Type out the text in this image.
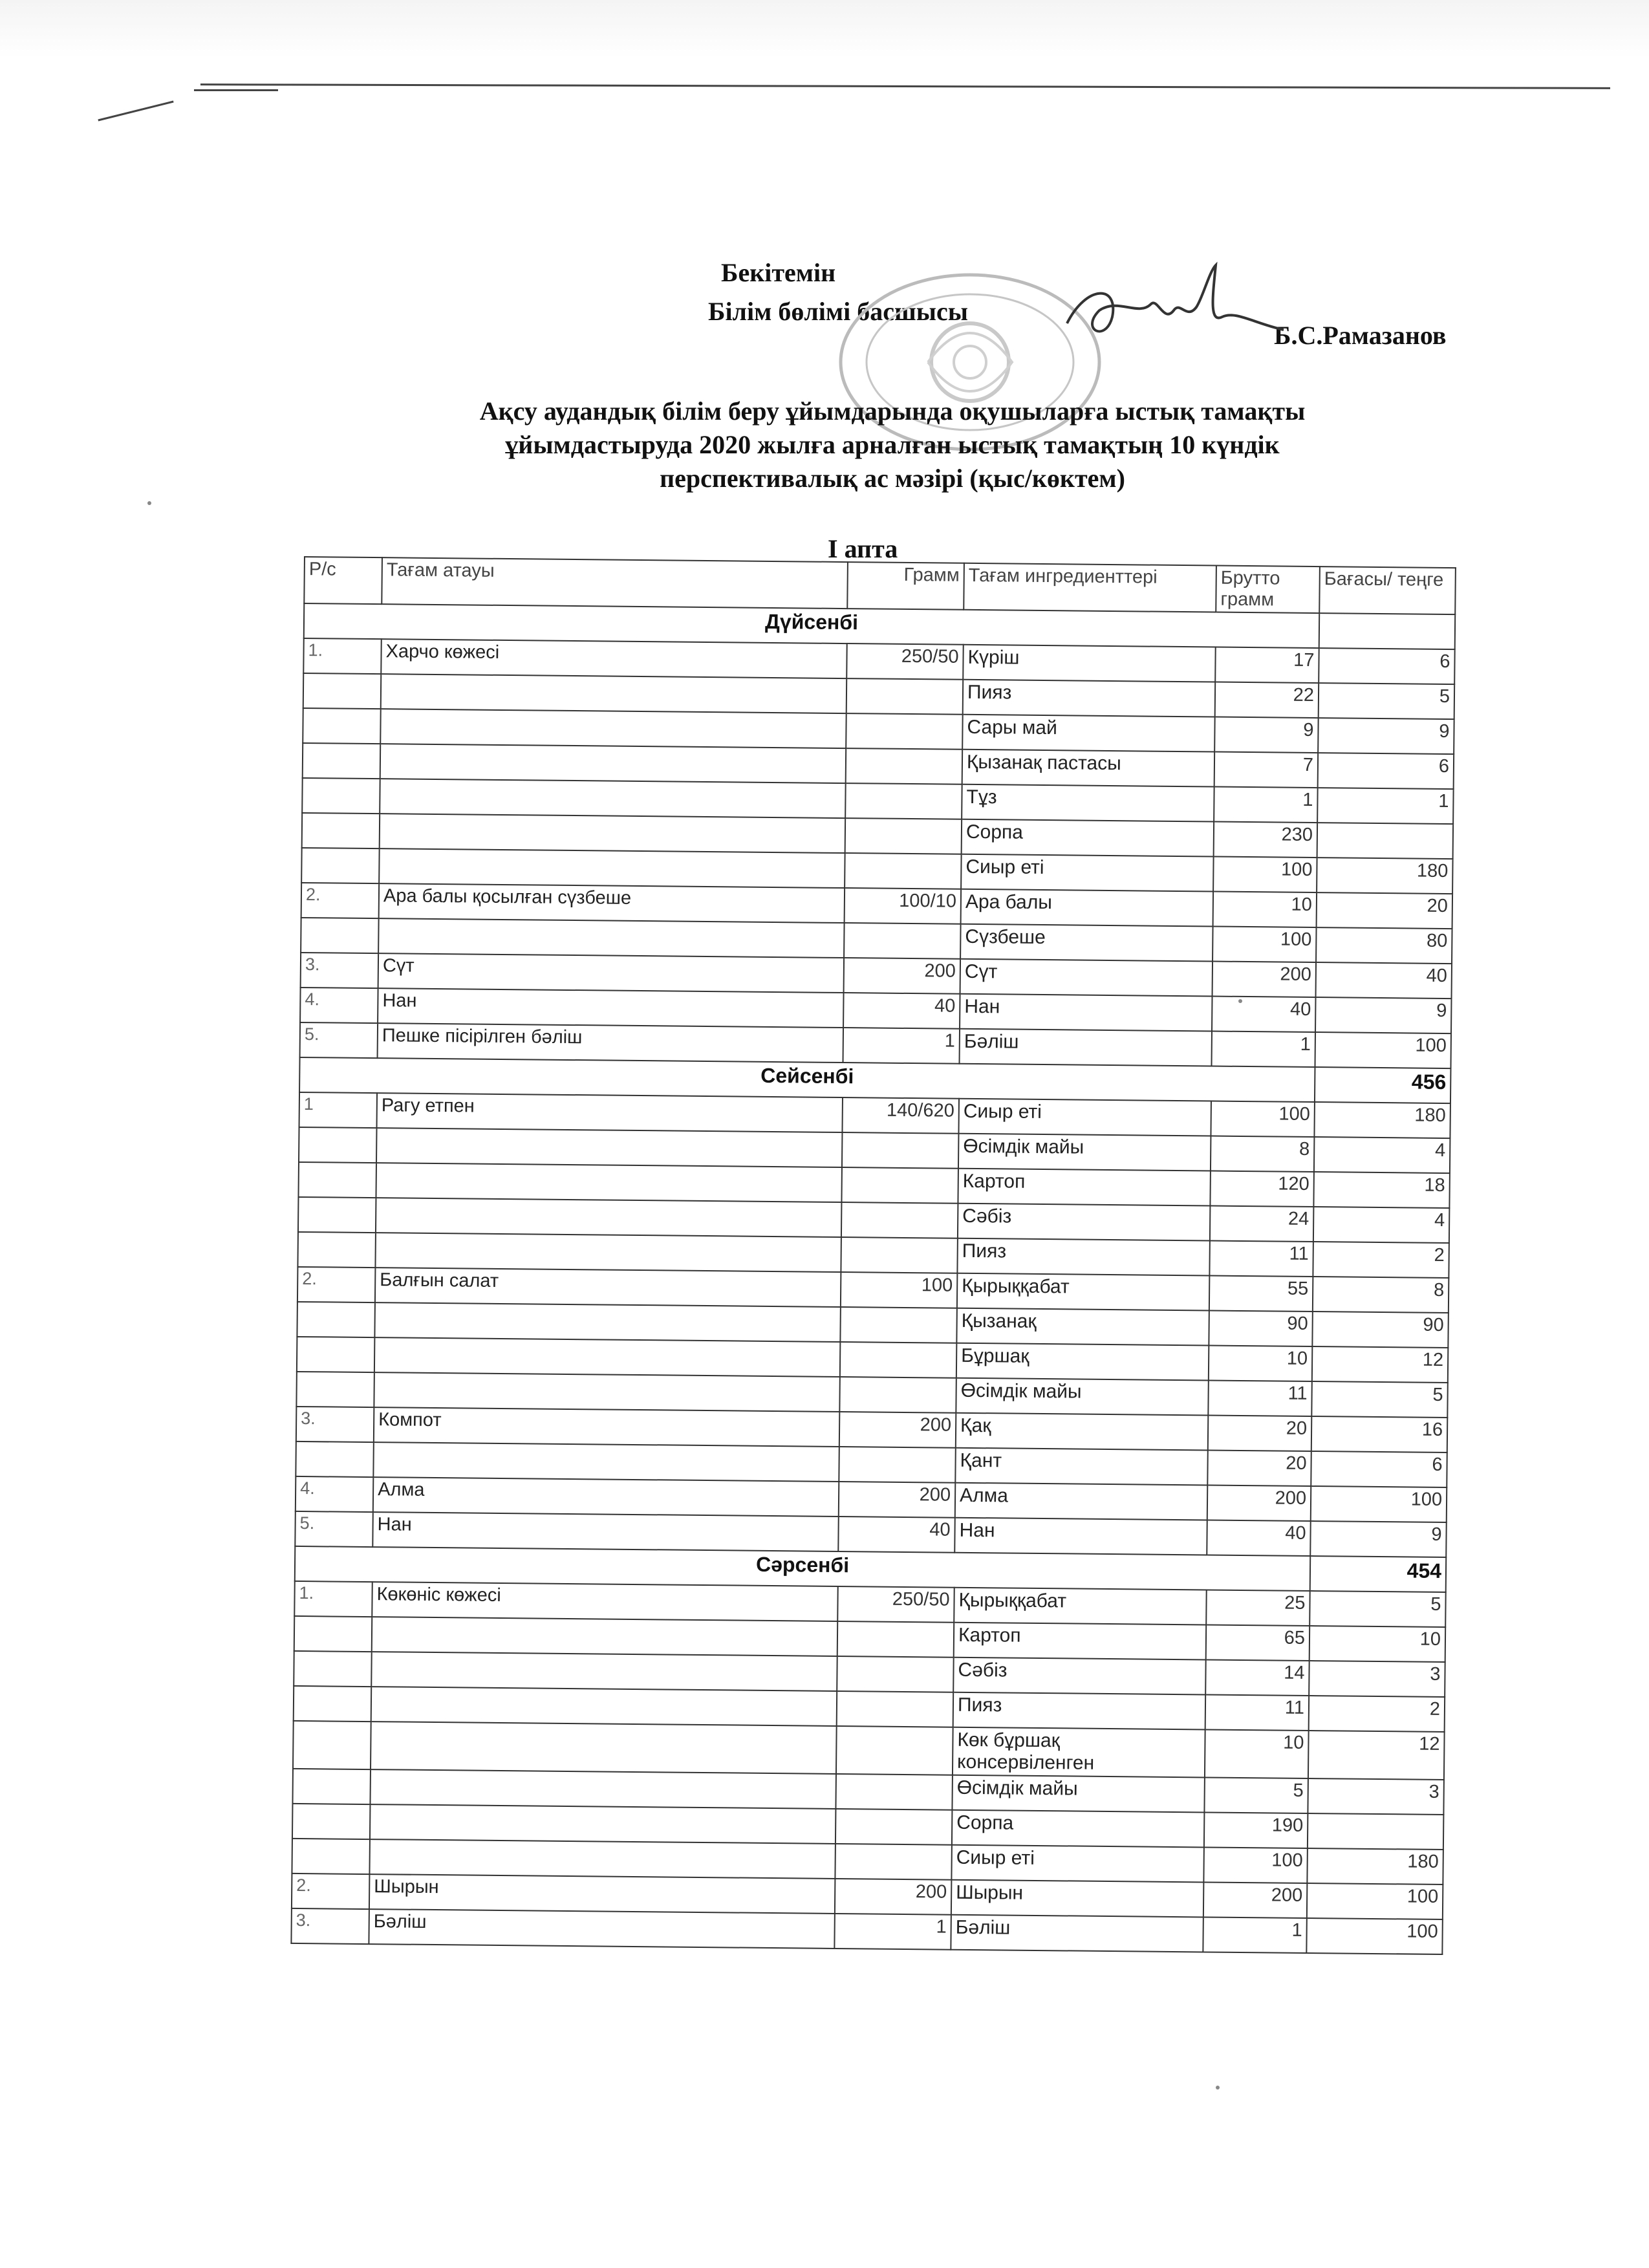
Бекітемін
Білім бөлімі басшысы
Б.С.Рамазанов
Ақсу аудандық білім беру ұйымдарында оқушыларға ыстық тамақты
ұйымдастыруда 2020 жылға арналған ыстық тамақтың 10 күндік
перспективалық ас мәзірі (қыс/көктем)
I апта
Р/с	Тағам атауы	Грамм	Тағам ингредиенттері	Брутто грамм	Бағасы/ теңге
Дүйсенбі					
1.	Харчо көжесі	250/50	Күріш	17	6
			Пияз	22	5
			Сары май	9	9
			Қызанақ пастасы	7	6
			Тұз	1	1
			Сорпа	230	
			Сиыр еті	100	180
2.	Ара балы қосылған сүзбеше	100/10	Ара балы	10	20
			Сүзбеше	100	80
3.	Сүт	200	Сүт	200	40
4.	Нан	40	Нан	40	9
5.	Пешке пісірілген бәліш	1	Бәліш	1	100
Сейсенбі					456
1	Рагу етпен	140/620	Сиыр еті	100	180
			Өсімдік майы	8	4
			Картоп	120	18
			Сәбіз	24	4
			Пияз	11	2
2.	Балғын салат	100	Қырыққабат	55	8
			Қызанақ	90	90
			Бұршақ	10	12
			Өсімдік майы	11	5
3.	Компот	200	Қақ	20	16
			Қант	20	6
4.	Алма	200	Алма	200	100
5.	Нан	40	Нан	40	9
Сәрсенбі					454
1.	Көкөніс көжесі	250/50	Қырыққабат	25	5
			Картоп	65	10
			Сәбіз	14	3
			Пияз	11	2
			Көк бұршақ консервіленген	10	12
			Өсімдік майы	5	3
			Сорпа	190	
			Сиыр еті	100	180
2.	Шырын	200	Шырын	200	100
3.	Бәліш	1	Бәліш	1	100
